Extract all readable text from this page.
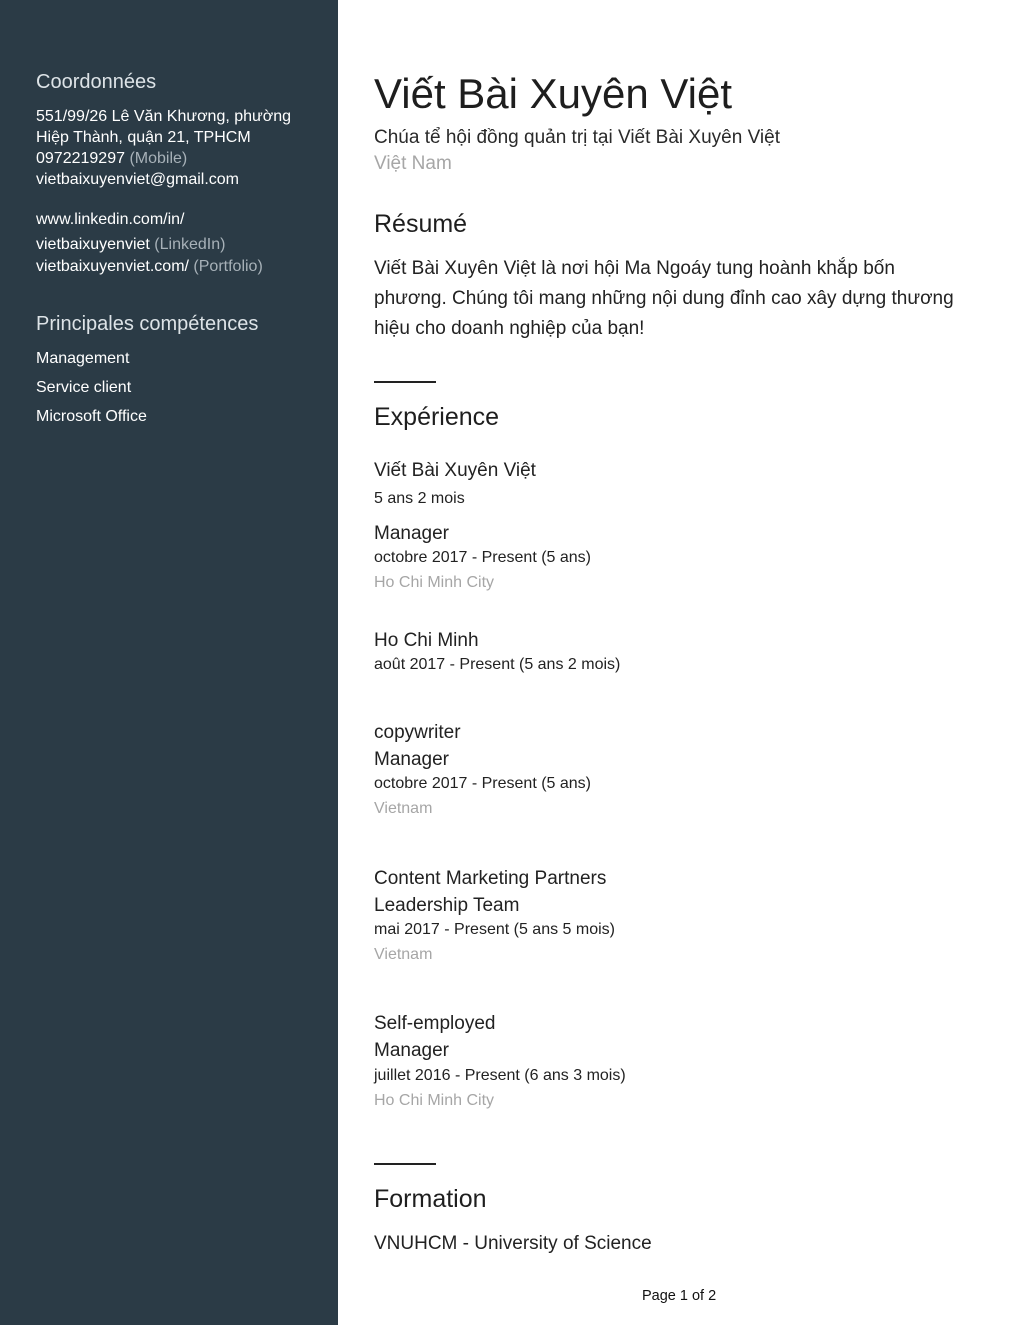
Coordonnées
551/99/26 Lê Văn Khương, phường
Hiệp Thành, quận 21, TPHCM
0972219297 (Mobile)
vietbaixuyenviet@gmail.com
www.linkedin.com/in/
vietbaixuyenviet (LinkedIn)
vietbaixuyenviet.com/ (Portfolio)
Principales compétences
Management
Service client
Microsoft Office
Viết Bài Xuyên Việt
Chúa tể hội đồng quản trị tại Viết Bài Xuyên Việt
Việt Nam
Résumé
Viết Bài Xuyên Việt là nơi hội Ma Ngoáy tung hoành khắp bốn
phương. Chúng tôi mang những nội dung đỉnh cao xây dựng thương
hiệu cho doanh nghiệp của bạn!
Expérience
Viết Bài Xuyên Việt
5 ans 2 mois
Manager
octobre 2017 - Present (5 ans)
Ho Chi Minh City
Ho Chi Minh
août 2017 - Present (5 ans 2 mois)
copywriter
Manager
octobre 2017 - Present (5 ans)
Vietnam
Content Marketing Partners
Leadership Team
mai 2017 - Present (5 ans 5 mois)
Vietnam
Self-employed
Manager
juillet 2016 - Present (6 ans 3 mois)
Ho Chi Minh City
Formation
VNUHCM - University of Science
Page 1 of 2
